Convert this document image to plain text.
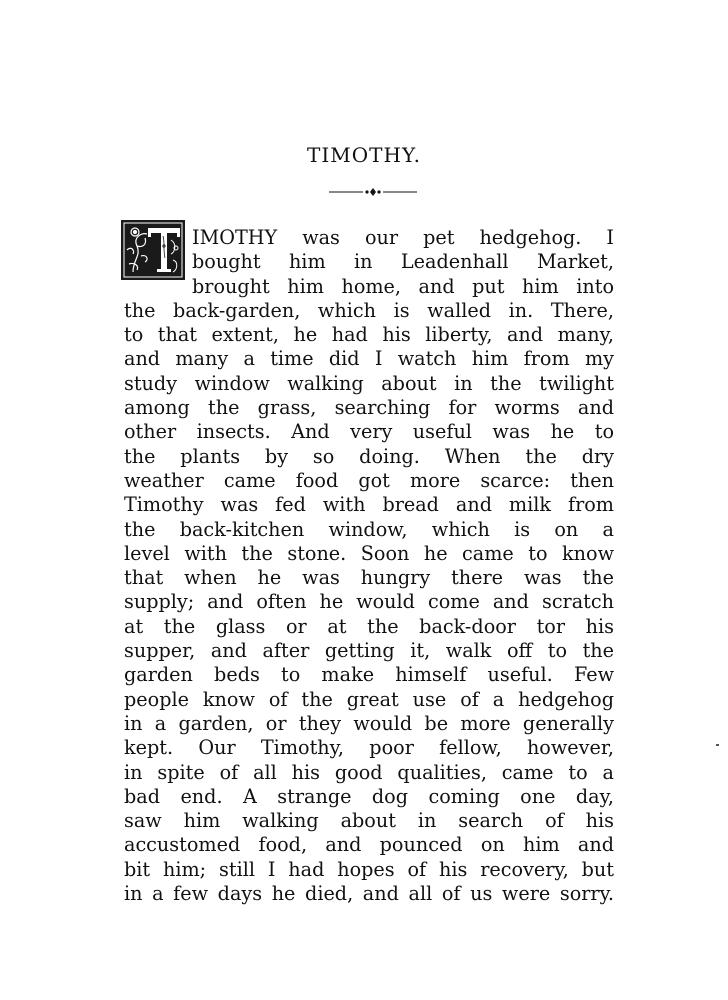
TIMOTHY.
IMOTHY was our pet hedgehog. I
bought him in Leadenhall Market,
brought him home, and put him into
the back-garden, which is walled in. There,
to that extent, he had his liberty, and many,
and many a time did I watch him from my
study window walking about in the twilight
among the grass, searching for worms and
other insects. And very useful was he to
the plants by so doing. When the dry
weather came food got more scarce: then
Timothy was fed with bread and milk from
the back-kitchen window, which is on a
level with the stone. Soon he came to know
that when he was hungry there was the
supply; and often he would come and scratch
at the glass or at the back-door tor his
supper, and after getting it, walk off to the
garden beds to make himself useful. Few
people know of the great use of a hedgehog
in a garden, or they would be more generally
kept. Our Timothy, poor fellow, however,
in spite of all his good qualities, came to a
bad end. A strange dog coming one day,
saw him walking about in search of his
accustomed food, and pounced on him and
bit him; still I had hopes of his recovery, but
in a few days he died, and all of us were sorry.
